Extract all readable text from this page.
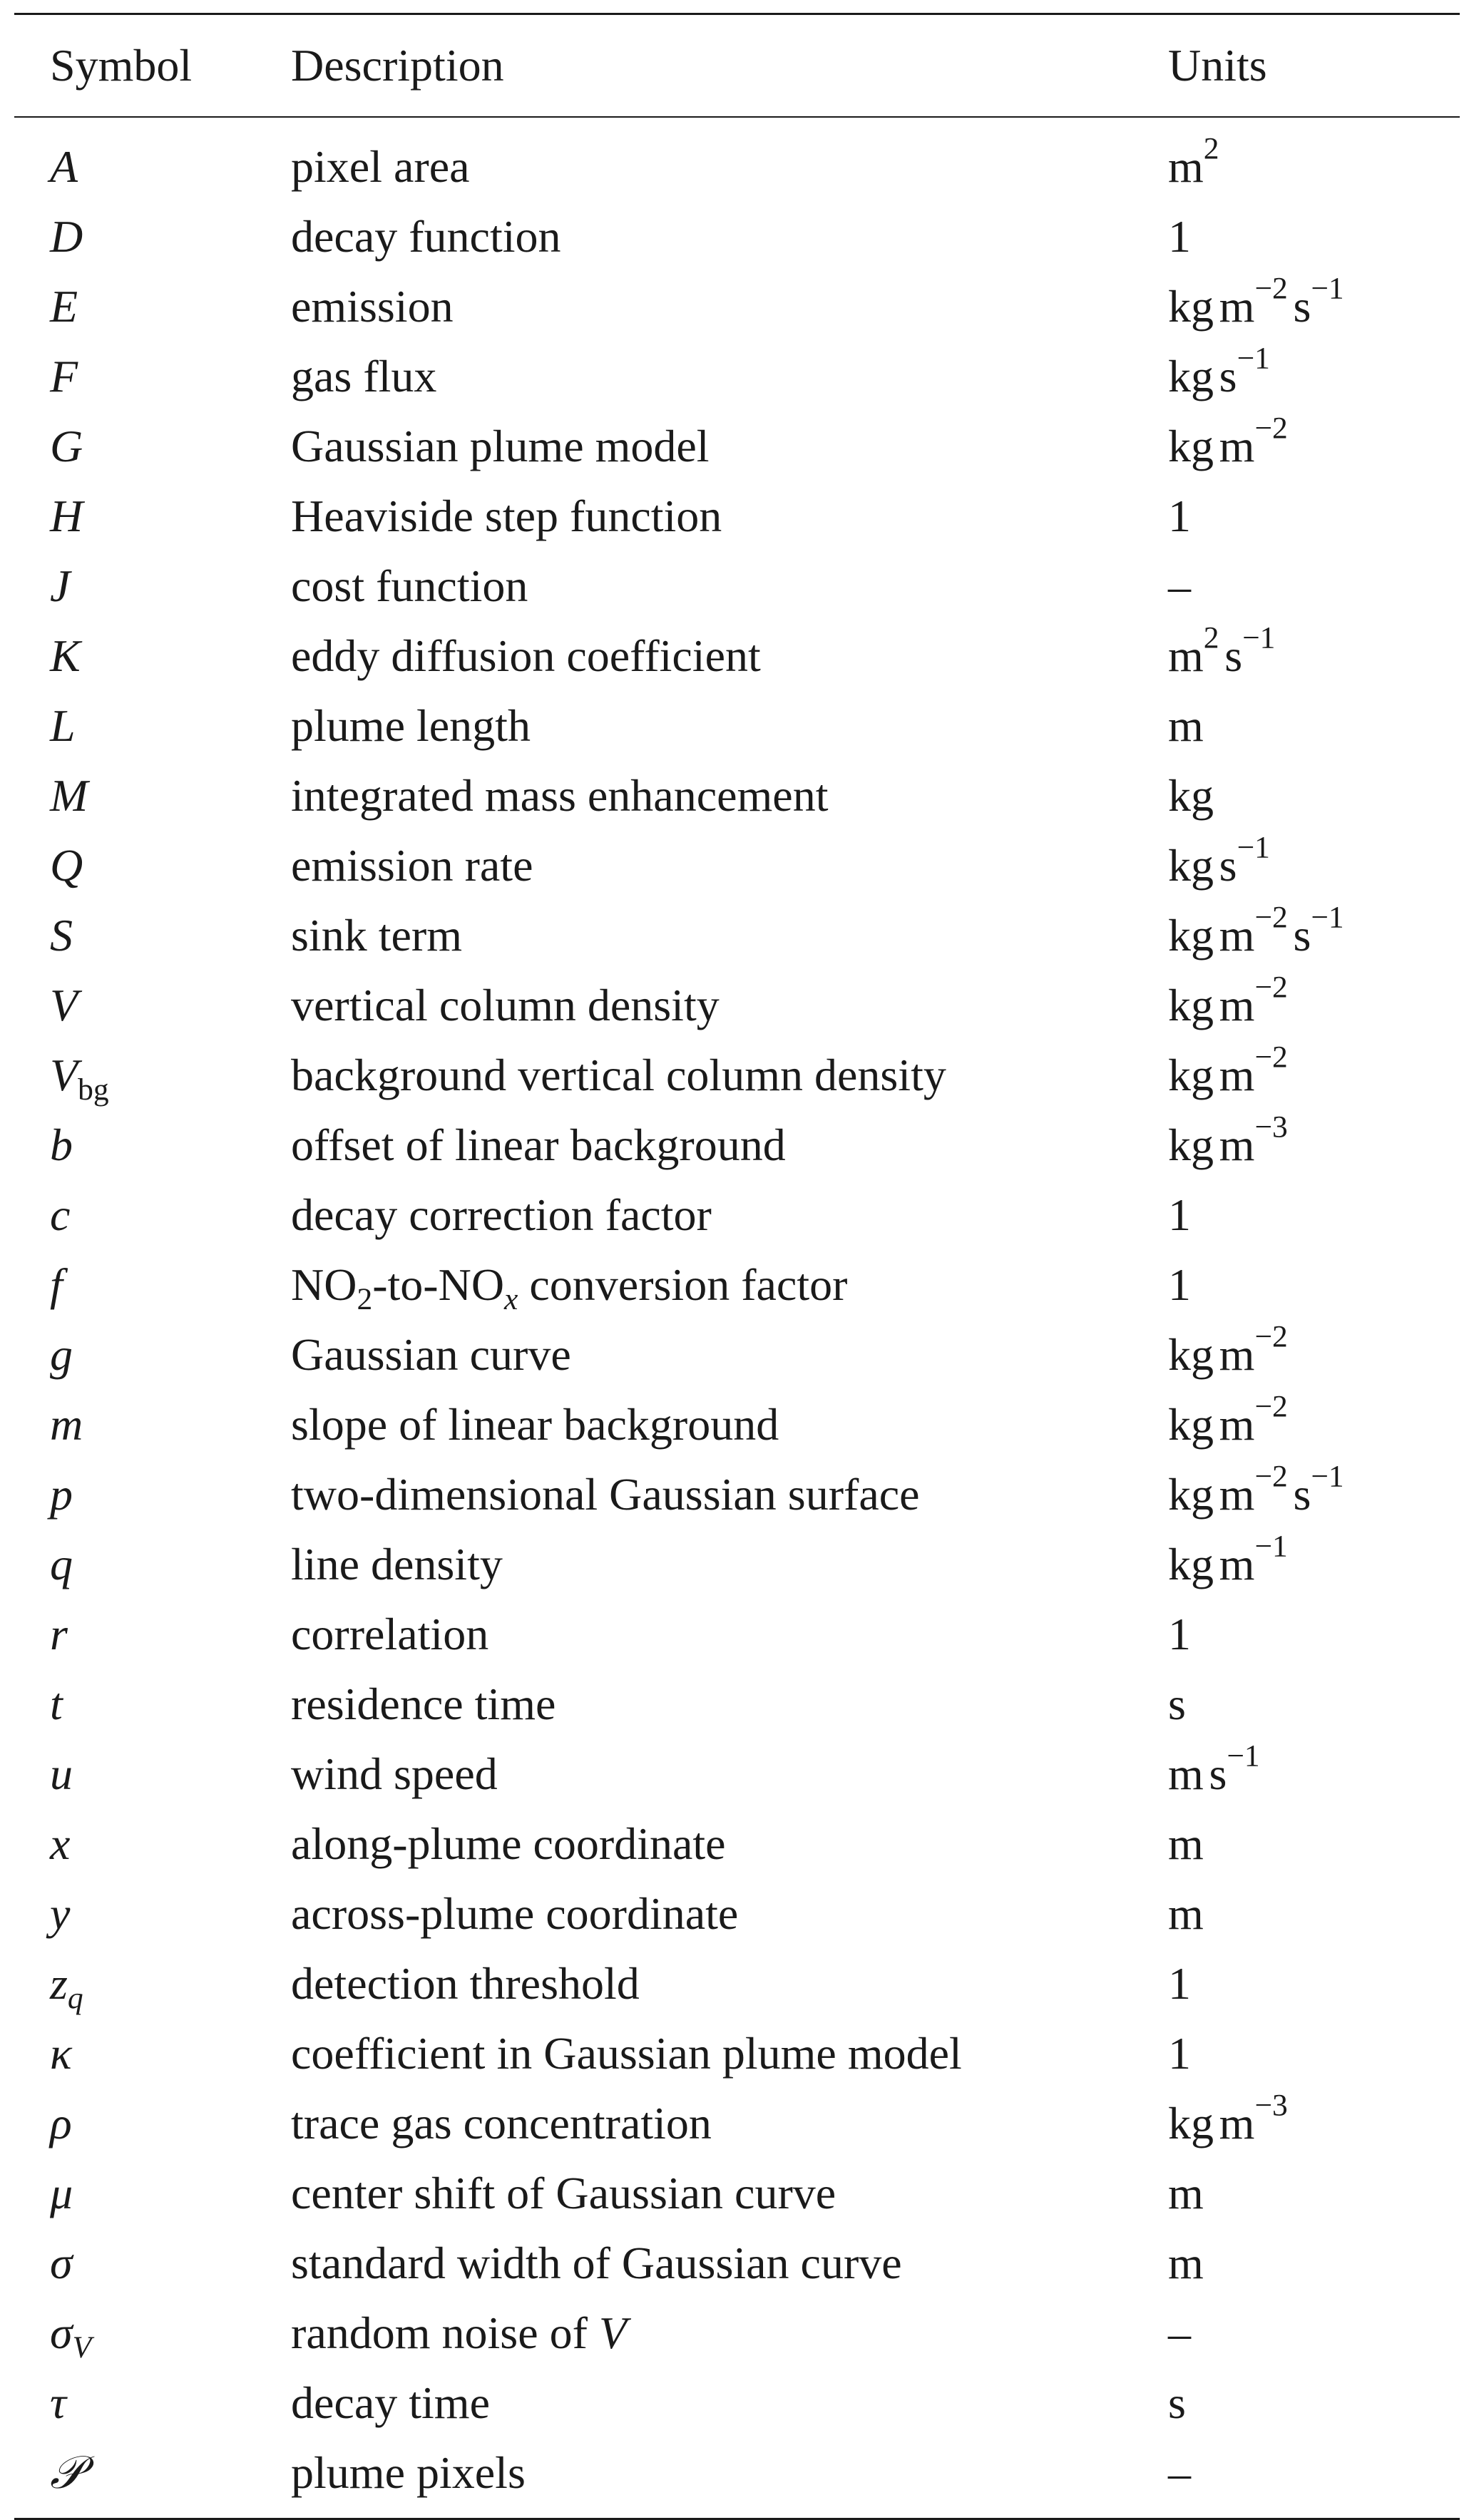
Symbol	Description	Units
A	pixel area	$m^2$
D	decay function	1
E	emission	kg $m^{-2}$ $s^{-1}$
F	gas flux	kg $s^{-1}$
G	Gaussian plume model	kg $m^{-2}$
H	Heaviside step function	1
J	cost function	–
K	eddy diffusion coefficient	$m^2$ $s^{-1}$
L	plume length	m
M	integrated mass enhancement	kg
Q	emission rate	kg $s^{-1}$
S	sink term	kg $m^{-2}$ $s^{-1}$
V	vertical column density	kg $m^{-2}$
$V_{bg}$	background vertical column density	kg $m^{-2}$
b	offset of linear background	kg $m^{-3}$
c	decay correction factor	1
f	$NO_2-to-NO_x$ conversion factor	1
g	Gaussian curve	kg $m^{-2}$
m	slope of linear background	kg $m^{-2}$
p	two-dimensional Gaussian surface	kg $m^{-2}$ $s^{-1}$
q	line density	kg $m^{-1}$
r	correlation	1
t	residence time	s
u	wind speed	m $s^{-1}$
x	along-plume coordinate	m
y	across-plume coordinate	m
$z_q$	detection threshold	1
κ	coefficient in Gaussian plume model	1
ρ	trace gas concentration	kg $m^{-3}$
μ	center shift of Gaussian curve	m
σ	standard width of Gaussian curve	m
$\sigma_V$	random noise of V	–
τ	decay time	s
𝒫	plume pixels	–
